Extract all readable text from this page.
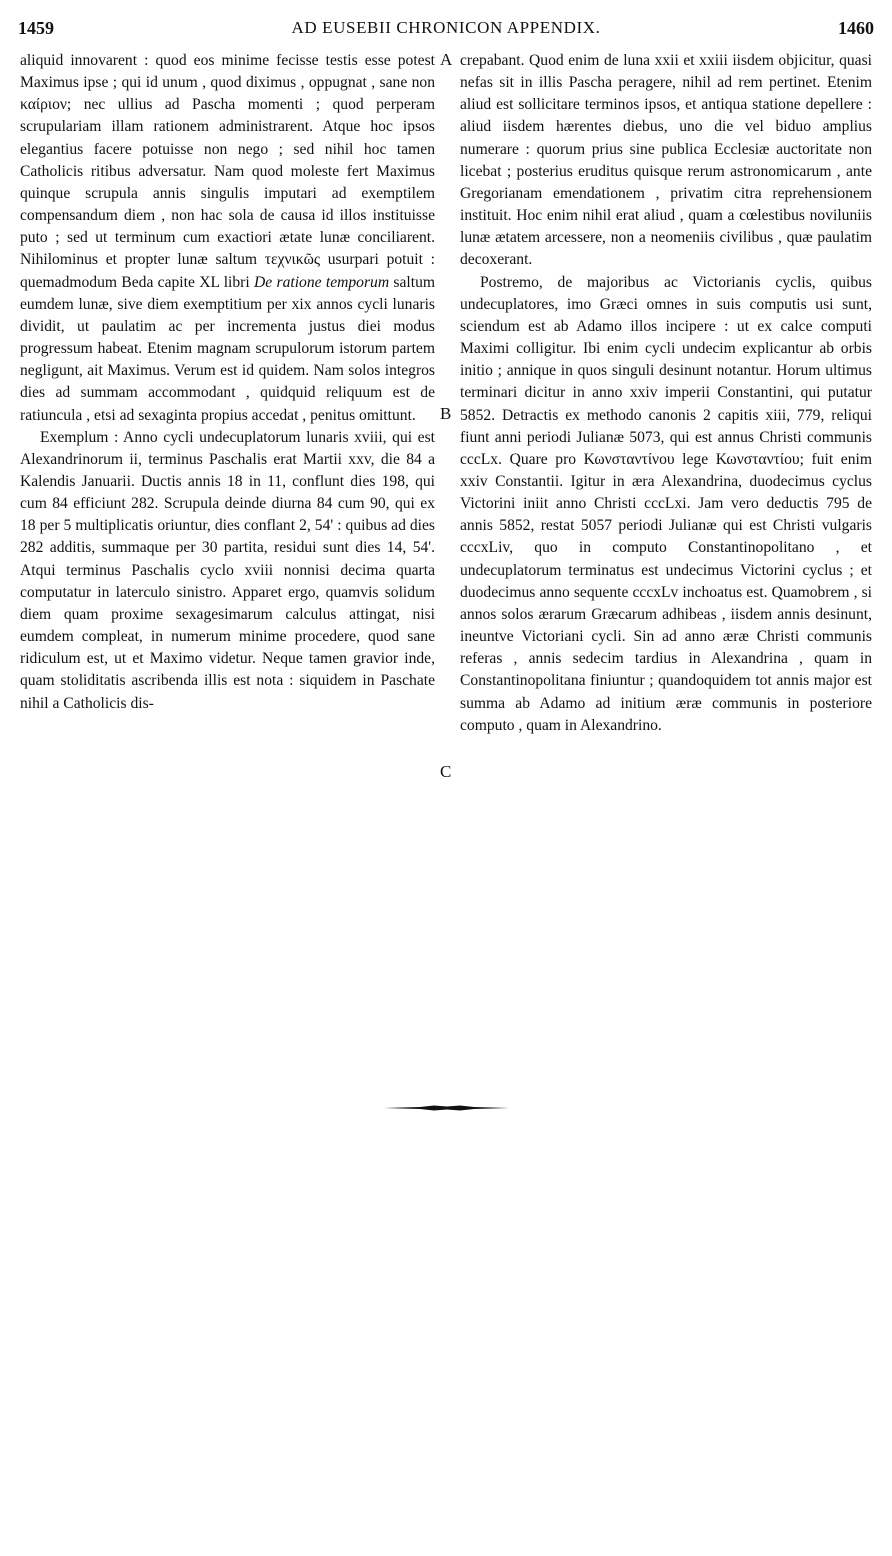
1459	AD EUSEBII CHRONICON APPENDIX.	1460

aliquid innovarent : quod eos minime fecisse testis esse potest Maximus ipse ; qui id unum , quod diximus , oppugnat , sane non καίριον; nec ullius ad Pascha momenti ; quod perperam scrupulariam illam rationem administrarent. Atque hoc ipsos elegantius facere potuisse non nego ; sed nihil hoc tamen Catholicis ritibus adversatur. Nam quod moleste fert Maximus quinque scrupula annis singulis imputari ad exemptilem compensandum diem , non hac sola de causa id illos instituisse puto ; sed ut terminum cum exactiori ætate lunæ conciliarent. Nihilominus et propter lunæ saltum τεχνικῶς usurpari potuit : quemadmodum Beda capite XL libri De ratione temporum saltum eumdem lunæ, sive diem exemptitium per xix annos cycli lunaris dividit, ut paulatim ac per incrementa justus diei modus progressum habeat. Etenim magnam scrupulorum istorum partem negligunt, ait Maximus. Verum est id quidem. Nam solos integros dies ad summam accommodant , quidquid reliquum est de ratiuncula , etsi ad sexaginta propius accedat , penitus omittunt.

Exemplum : Anno cycli undecuplatorum lunaris xviii, qui est Alexandrinorum ii, terminus Paschalis erat Martii xxv, die 84 a Kalendis Januarii. Ductis annis 18 in 11, conflunt dies 198, qui cum 84 efficiunt 282. Scrupula deinde diurna 84 cum 90, qui ex 18 per 5 multiplicatis oriuntur, dies conflant 2, 54' : quibus ad dies 282 additis, summaque per 30 partita, residui sunt dies 14, 54'. Atqui terminus Paschalis cyclo xviii nonnisi decima quarta computatur in laterculo sinistro. Apparet ergo, quamvis solidum diem quam proxime sexagesimarum calculus attingat, nisi eumdem compleat, in numerum minime procedere, quod sane ridiculum est, ut et Maximo videtur. Neque tamen gravior inde, quam stoliditatis ascribenda illis est nota : siquidem in Paschate nihil a Catholicis dis-

crepabant. Quod enim de luna xxii et xxiii iisdem objicitur, quasi nefas sit in illis Pascha peragere, nihil ad rem pertinet. Etenim aliud est sollicitare terminos ipsos, et antiqua statione depellere : aliud iisdem hærentes diebus, uno die vel biduo amplius numerare : quorum prius sine publica Ecclesiæ auctoritate non licebat ; posterius eruditus quisque rerum astronomicarum , ante Gregorianam emendationem , privatim citra reprehensionem instituit. Hoc enim nihil erat aliud , quam a cœlestibus noviluniis lunæ ætatem arcessere, non a neomeniis civilibus , quæ paulatim decoxerant.

Postremo, de majoribus ac Victorianis cyclis, quibus undecuplatores, imo Græci omnes in suis computis usi sunt, sciendum est ab Adamo illos incipere : ut ex calce computi Maximi colligitur. Ibi enim cycli undecim explicantur ab orbis initio ; annique in quos singuli desinunt notantur. Horum ultimus terminari dicitur in anno xxiv imperii Constantini, qui putatur 5852. Detractis ex methodo canonis 2 capitis xiii, 779, reliqui fiunt anni periodi Julianæ 5073, qui est annus Christi communis cccLx. Quare pro Κωνσταντίνου lege Κωνσταντίου; fuit enim xxiv Constantii. Igitur in æra Alexandrina, duodecimus cyclus Victorini iniit anno Christi cccLxi. Jam vero deductis 795 de annis 5852, restat 5057 periodi Julianæ qui est Christi vulgaris cccxLiv, quo in computo Constantinopolitano , et undecuplatorum terminatus est undecimus Victorini cyclus ; et duodecimus anno sequente cccxLv inchoatus est. Quamobrem , si annos solos ærarum Græcarum adhibeas , iisdem annis desinunt, ineuntve Victoriani cycli. Sin ad anno æræ Christi communis referas , annis sedecim tardius in Alexandrina , quam in Constantinopolitana finiuntur ; quandoquidem tot annis major est summa ab Adamo ad initium æræ communis in posteriore computo , quam in Alexandrino.

A
B
C
